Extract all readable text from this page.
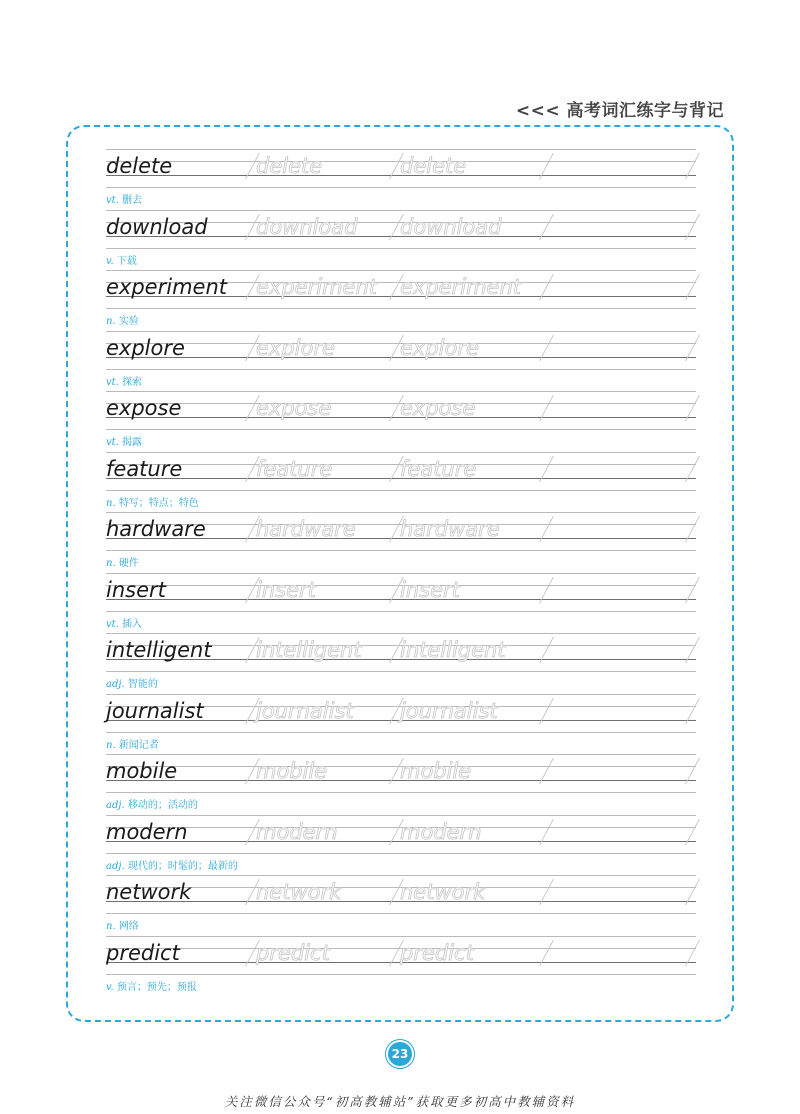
<<< 高考词汇练字与背记
delete	delete	delete
vt. 删去
download download download
v. 下载
experiment experiment experiment
n. 实验
explore	explore	explore
vt. 探索
expose	expose	expose
vt. 揭露
feature	feature	feature
n. 特写；特点；特色
hardware hardware hardware
n. 硬件
insert	insert	insert
vt. 插入
intelligent intelligent intelligent
adj. 智能的
journalist journalist journalist
n. 新闻记者
mobile	mobile	mobile
adj. 移动的；活动的
modern	modern	modern
adj. 现代的；时髦的；最新的
network	network	network
n. 网络
predict	predict	predict
v. 预言；预先；预报
23
关注微信公众号“初高教辅站”获取更多初高中教辅资料
